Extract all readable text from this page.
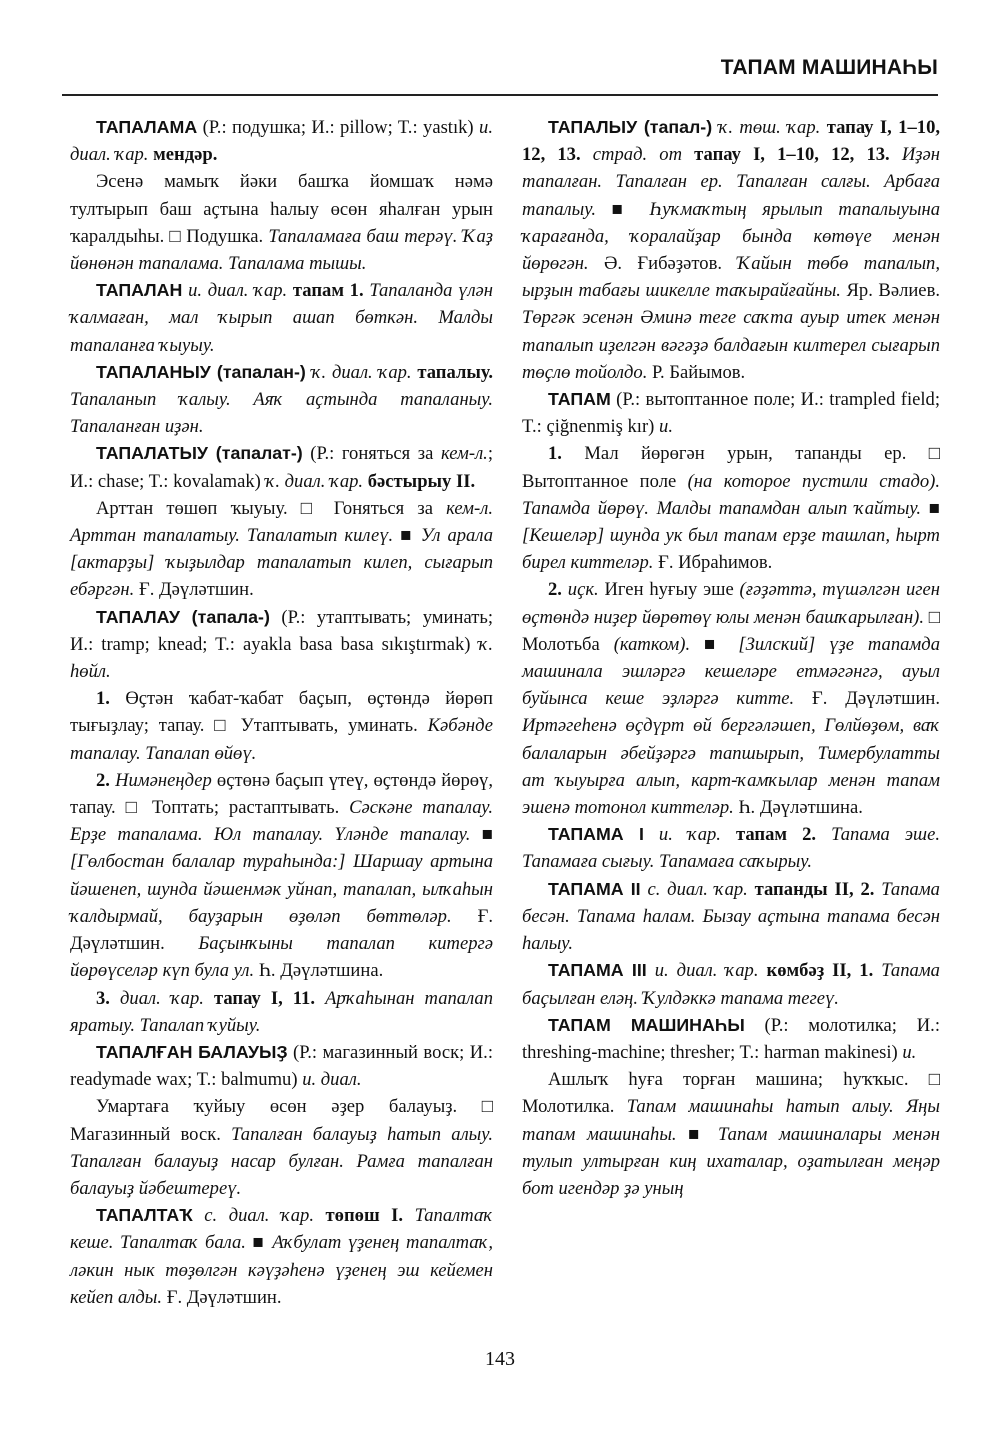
ТАПАМ МАШИНАҺЫ

ТАПАЛАМА (Р.: подушка; И.: pillow; T.: yastık) и. диал. ҡар. мендәр.

Эсенә мамыҡ йәки башҡа йомшаҡ нәмә тултырып баш аҫтына һалыу өсөн яһалған урын ҡаралдыһы. □ Подушка. Тапаламаға баш терәү. Ҡаҙ йөнөнән тапалама. Тапалама тышы.

ТАПАЛАН и. диал. ҡар. тапам 1. Тапаланда үлән ҡалмаған, мал ҡырып ашап бөткән. Малды тапаланға ҡыуыу.

ТАПАЛАНЫУ (тапалан-) ҡ. диал. ҡар. тапалыу. Тапаланып ҡалыу. Аяҡ аҫтында тапаланыу. Тапаланған иҙән.

ТАПАЛАТЫУ (тапалат-) (Р.: гоняться за кем-л.; И.: chase; T.: kovalamak) ҡ. диал. ҡар. бәстырыу II.

Арттан төшөп ҡыуыу. □ Гоняться за кем-л. Арттан тапалатыу. Тапалатып килеү. ■ Ул арала [актарҙы] ҡыҙылдар тапалатып килеп, сығарып ебәргән. Ғ. Дәүләтшин.

ТАПАЛАУ (тапала-) (Р.: утаптывать; уминать; И.: tramp; knead; T.: ayakla basa basa sıkıştırmak) ҡ. һөйл.

1. Өҫтән ҡабат-ҡабат баҫып, өҫтөндә йөрөп тығыҙлау; тапау. □ Утаптывать, уминать. Кәбәнде тапалау. Тапалап өйөү.

2. Нимәнеңдер өҫтөнә баҫып үтеү, өҫтөндә йөрөү, тапау. □ Топтать; растаптывать. Сәскәне тапалау. Ерҙе тапалама. Юл тапалау. Үләнде тапалау. ■ [Гөлбостан балалар тураһында:] Шаршау артына йәшенеп, шунда йәшенмәк уйнап, тапалап, ылҡаһын ҡалдырмай, бауҙарын өҙөләп бөттөләр. Ғ. Дәүләтшин. Баҫынҡыны тапалап китергә йөрөүселәр күп була ул. Һ. Дәүләтшина.

3. диал. ҡар. тапау I, 11. Арҡаһынан тапалап яратыу. Тапалап ҡуйыу.

ТАПАЛҒАН БАЛАУЫҘ (Р.: магазинный воск; И.: readymade wax; T.: balmumu) и. диал.

Умартаға ҡуйыу өсөн әҙер балауыҙ. □ Магазинный воск. Тапалған балауыҙ һатып алыу. Тапалған балауыҙ насар булған. Рамға тапалған балауыҙ йәбештереү.

ТАПАЛТАҠ с. диал. ҡар. төпөш I. Тапалтаҡ кеше. Тапалтаҡ бала. ■ Аҡбулат үҙенең тапалтаҡ, ләкин нык төҙөлгән кәүҙәһенә үҙенең эш кейемен кейеп алды. Ғ. Дәүләтшин.

ТАПАЛЫУ (тапал-) ҡ. төш. ҡар. тапау I, 1–10, 12, 13. страд. от тапау I, 1–10, 12, 13. Иҙән тапалған. Тапалған ер. Тапалған салғы. Арбаға тапалыу. ■ Һуҡмаҡтың ярылып тапалыуына ҡарағанда, ҡоралайҙар бында көтөүе менән йөрөгән. Ә. Ғибәҙәтов. Ҡайын төбө тапалып, ырҙын табағы шикелле таҡырайғайны. Яр. Вәлиев. Төргәк эсенән Әминә теге саҡта ауыр итек менән тапалып иҙелгән вәгәҙә балдағын килтерел сығарып төҫлө тойолдо. Р. Байымов.

ТАПАМ (Р.: вытоптанное поле; И.: trampled field; T.: çiğnenmiş kır) и.

1. Мал йөрөгән урын, тапанды ер. □ Вытоптанное поле (на которое пустили стадо). Тапамда йөрөү. Малды тапамдан алып ҡайтыу. ■ [Кешеләр] шунда ук был тапам ерҙе ташлап, һырт бирел киттеләр. Ғ. Ибраһимов.

2. иҫк. Иген һуғыу эше (ғәҙәттә, түшәлгән иген өҫтөндә ниҙер йөрөтөү юлы менән башҡарылған). □ Молотьба (катком). ■ [Зилский] үҙе тапамда машинала эшләргә кешеләре етмәгәнгә, ауыл буйынса кеше эҙләргә китте. Ғ. Дәүләтшин. Иртәгеһенә өҫдүрт өй бергәләшеп, Гөлйөҙөм, ваҡ балаларын әбейҙәргә тапшырып, Тимербулатты ат ҡыуырға алып, карт-ҡамҡылар менән тапам эшенә тотонол киттеләр. Һ. Дәүләтшина.

ТАПАМА I и. ҡар. тапам 2. Тапама эше. Тапамаға сығыу. Тапамаға саҡырыу.

ТАПАМА II с. диал. ҡар. тапанды II, 2. Тапама бесән. Тапама һалам. Бызау аҫтына тапама бесән һалыу.

ТАПАМА III и. диал. ҡар. көмбәҙ II, 1. Тапама баҫылған еләң. Ҡулдәккә тапама тегеү.

ТАПАМ МАШИНАҺЫ (Р.: молотилка; И.: threshing-machine; thresher; T.: harman makinesi) и.

Ашлыҡ һуға торған машина; һуҡҡыс. □ Молотилка. Тапам машинаһы һатып алыу. Яңы тапам машинаһы. ■ Тапам машиналары менән тулып ултырған киң ихаталар, оҙатылған меңәр бот игендәр ҙә уның

143
